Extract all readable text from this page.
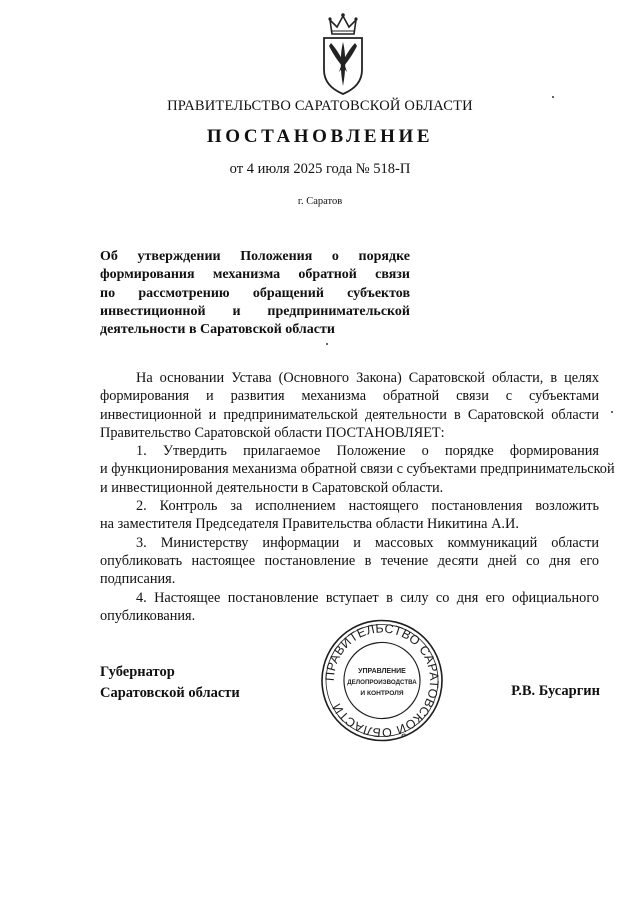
ПРАВИТЕЛЬСТВО САРАТОВСКОЙ ОБЛАСТИ
ПОСТАНОВЛЕНИЕ
от 4 июля 2025 года № 518-П
г. Саратов
Об утверждении Положения о порядке
формирования механизма обратной связи
по рассмотрению обращений субъектов
инвестиционной и предпринимательской
деятельности в Саратовской области
На основании Устава (Основного Закона) Саратовской области, в целях
формирования и развития механизма обратной связи с субъектами
инвестиционной и предпринимательской деятельности в Саратовской области
Правительство Саратовской области ПОСТАНОВЛЯЕТ:
1. Утвердить прилагаемое Положение о порядке формирования
и функционирования механизма обратной связи с субъектами предпринимательской
и инвестиционной деятельности в Саратовской области.
2. Контроль за исполнением настоящего постановления возложить
на заместителя Председателя Правительства области Никитина А.И.
3. Министерству информации и массовых коммуникаций области
опубликовать настоящее постановление в течение десяти дней со дня его
подписания.
4. Настоящее постановление вступает в силу со дня его официального
опубликования.
Губернатор
Саратовской области	Р.В. Бусаргин
ПРАВИТЕЛЬСТВО САРАТОВСКОЙ ОБЛАСТИ
УПРАВЛЕНИЕ
ДЕЛОПРОИЗВОДСТВА
И КОНТРОЛЯ
